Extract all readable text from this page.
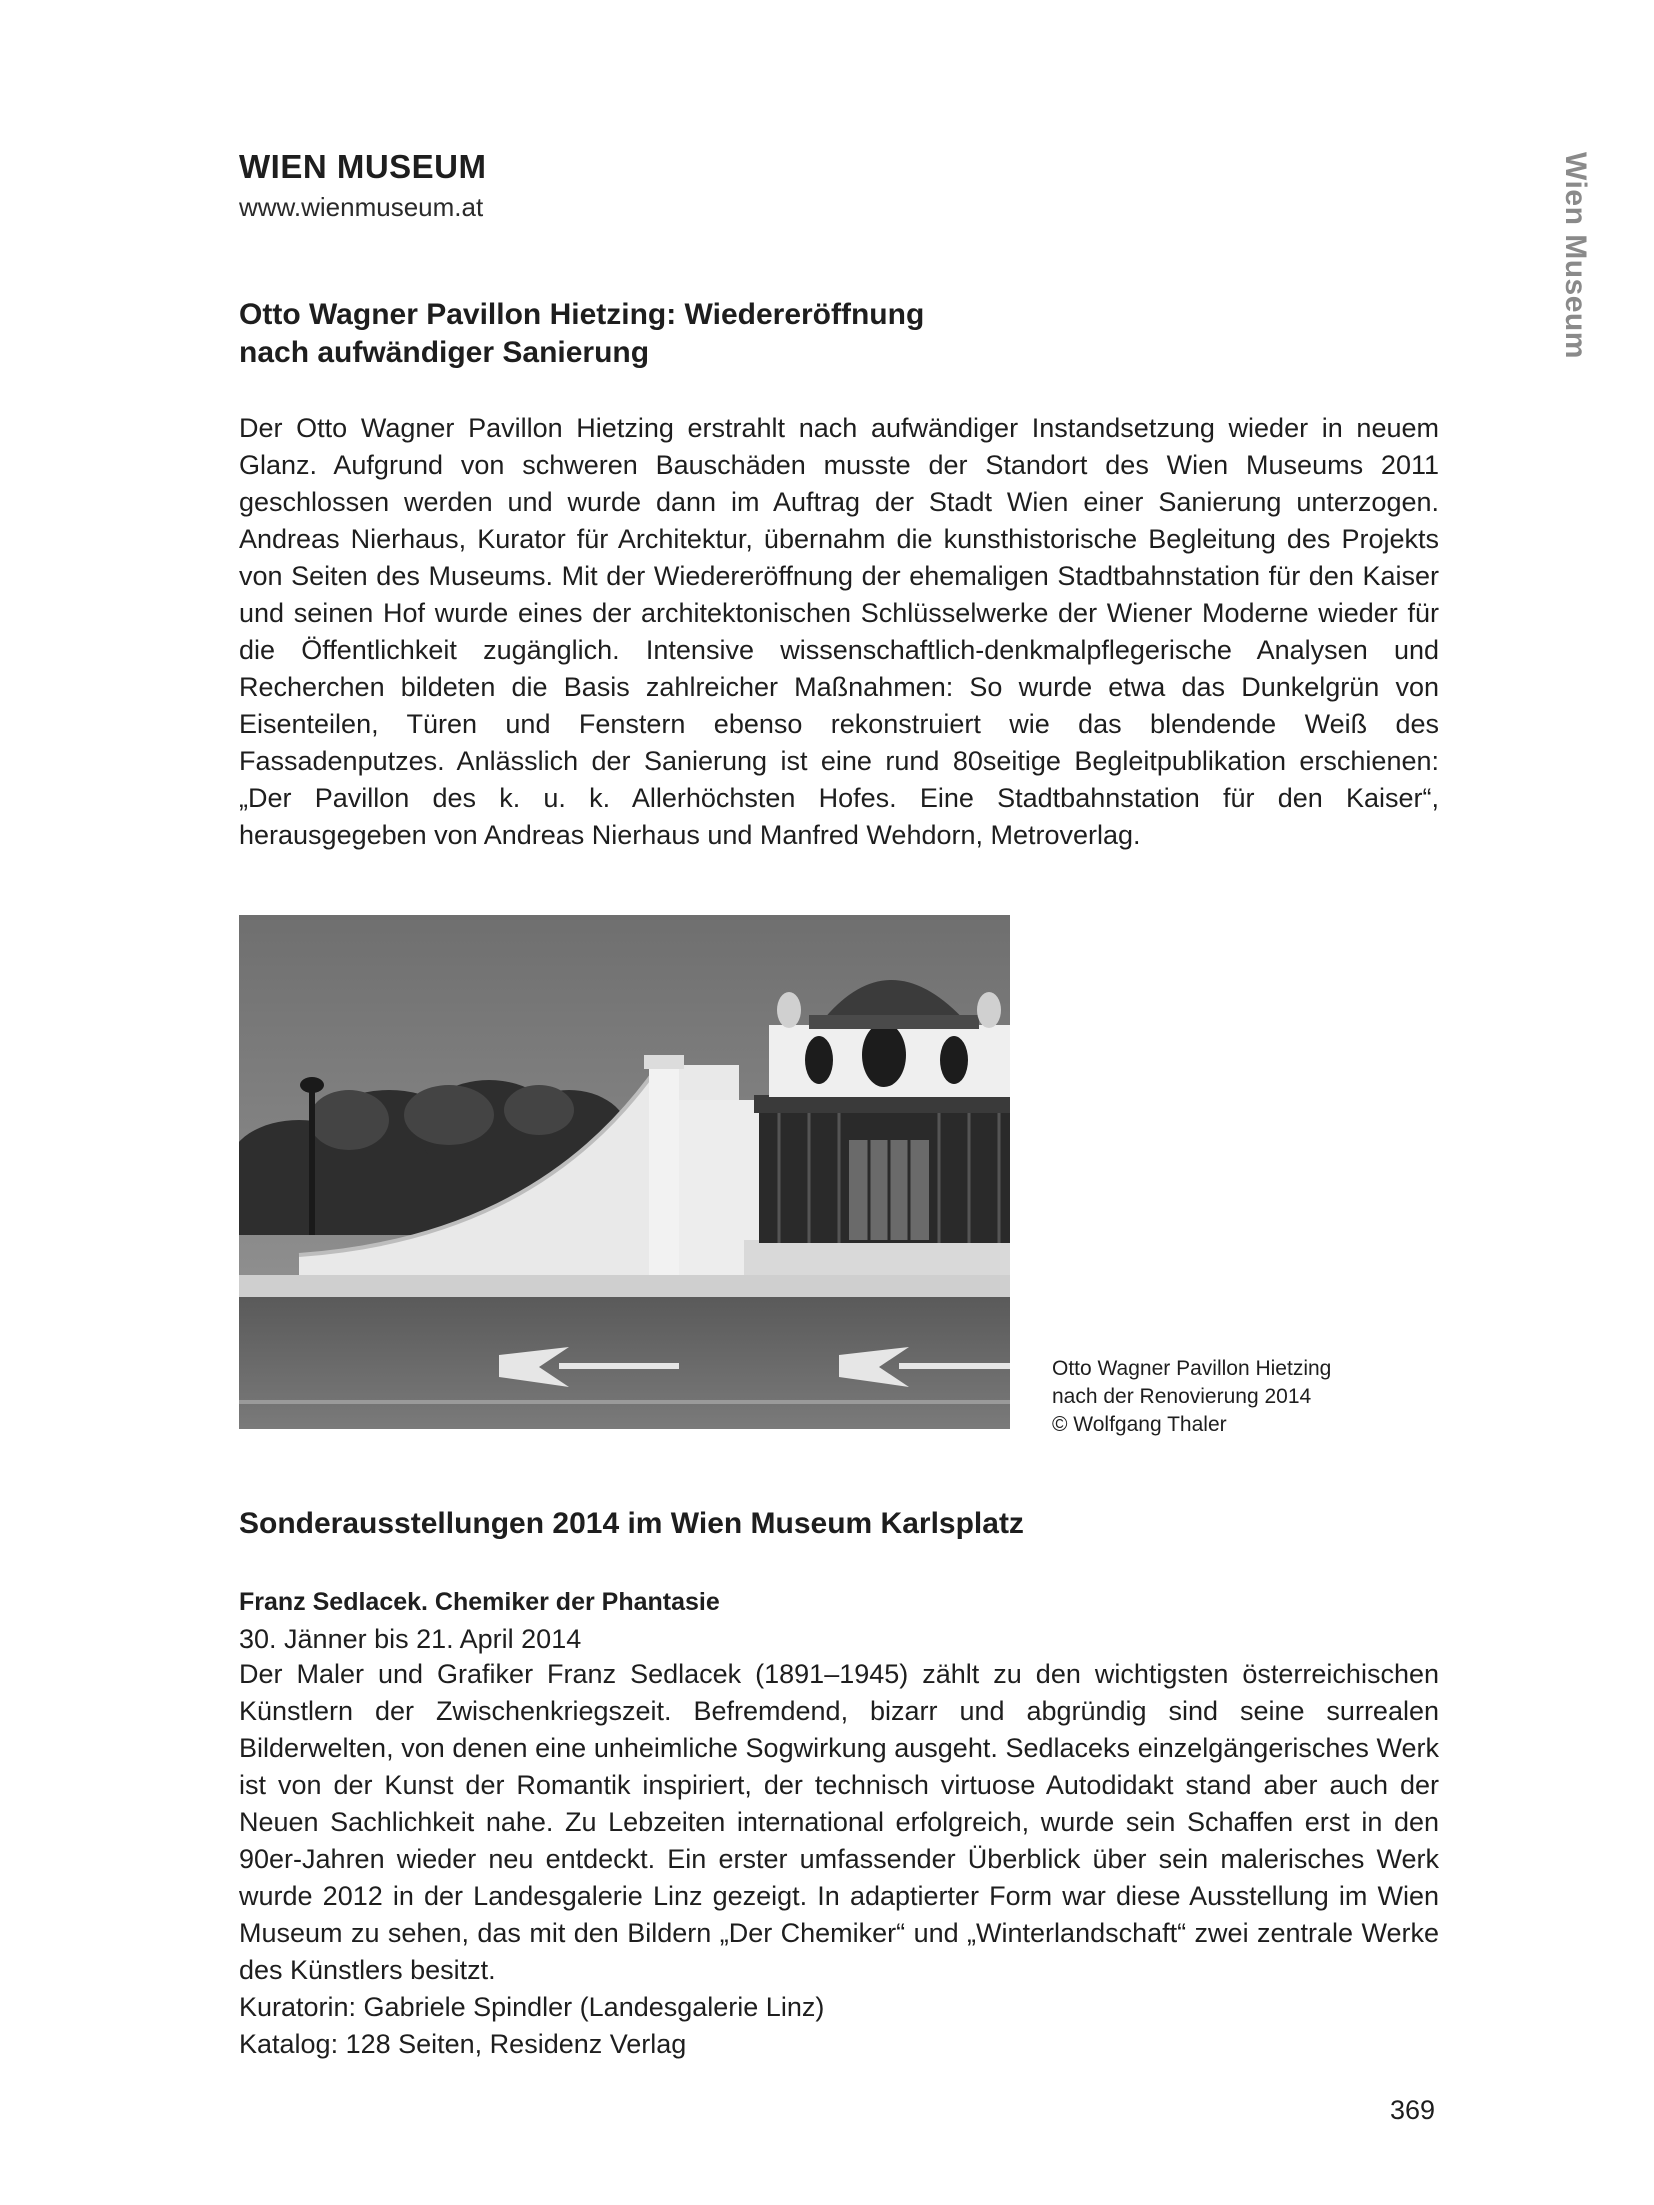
WIEN MUSEUM
www.wienmuseum.at	Wien Museum
Otto Wagner Pavillon Hietzing: Wiedereröffnung
nach aufwändiger Sanierung
Der Otto Wagner Pavillon Hietzing erstrahlt nach aufwändiger Instandsetzung wieder in neuem Glanz. Aufgrund von schweren Bauschäden musste der Standort des Wien Museums 2011 geschlossen werden und wurde dann im Auftrag der Stadt Wien einer Sanierung unterzogen. Andreas Nierhaus, Kurator für Architektur, übernahm die kunsthistorische Begleitung des Projekts von Seiten des Museums. Mit der Wiedereröffnung der ehemaligen Stadtbahnstation für den Kaiser und seinen Hof wurde eines der architektonischen Schlüsselwerke der Wiener Moderne wieder für die Öffentlichkeit zugänglich. Intensive wissenschaftlich-denkmalpflegerische Analysen und Recherchen bildeten die Basis zahlreicher Maßnahmen: So wurde etwa das Dunkelgrün von Eisenteilen, Türen und Fenstern ebenso rekonstruiert wie das blendende Weiß des Fassadenputzes. Anlässlich der Sanierung ist eine rund 80seitige Begleitpublikation erschienen: „Der Pavillon des k. u. k. Allerhöchsten Hofes. Eine Stadtbahnstation für den Kaiser“, herausgegeben von Andreas Nierhaus und Manfred Wehdorn, Metroverlag.
Otto Wagner Pavillon Hietzing
nach der Renovierung 2014
© Wolfgang Thaler
Sonderausstellungen 2014 im Wien Museum Karlsplatz
Franz Sedlacek. Chemiker der Phantasie
30. Jänner bis 21. April 2014
Der Maler und Grafiker Franz Sedlacek (1891–1945) zählt zu den wichtigsten österreichischen Künstlern der Zwischenkriegszeit. Befremdend, bizarr und abgründig sind seine surrealen Bilderwelten, von denen eine unheimliche Sogwirkung ausgeht. Sedlaceks einzelgängerisches Werk ist von der Kunst der Romantik inspiriert, der technisch virtuose Autodidakt stand aber auch der Neuen Sachlichkeit nahe. Zu Lebzeiten international erfolgreich, wurde sein Schaffen erst in den 90er-Jahren wieder neu entdeckt. Ein erster umfassender Überblick über sein malerisches Werk wurde 2012 in der Landesgalerie Linz gezeigt. In adaptierter Form war diese Ausstellung im Wien Museum zu sehen, das mit den Bildern „Der Chemiker“ und „Winterlandschaft“ zwei zentrale Werke des Künstlers besitzt.
Kuratorin: Gabriele Spindler (Landesgalerie Linz)
Katalog: 128 Seiten, Residenz Verlag
369
